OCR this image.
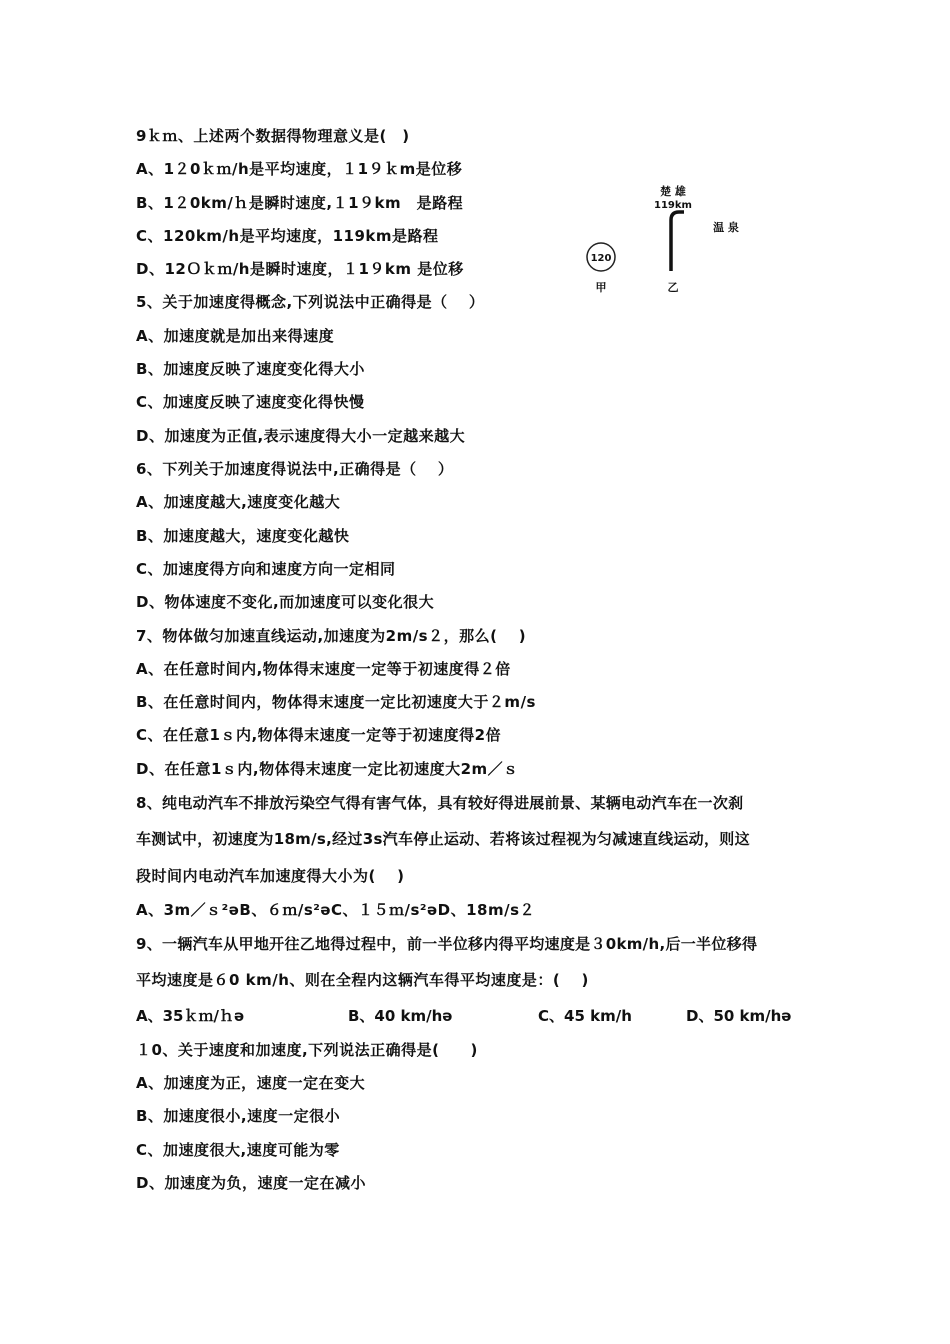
9ｋｍ、上述两个数据得物理意义是(　)
A、1２0ｋｍ/h是平均速度，１1９ｋm是位移
B、1２0km/ｈ是瞬时速度,１1９km　是路程
C、120km/h是平均速度，119km是路程
D、12Ｏｋｍ/h是瞬时速度，１1９km 是位移
5、关于加速度得概念,下列说法中正确得是（　 ）
A、加速度就是加出来得速度
B、加速度反映了速度变化得大小
C、加速度反映了速度变化得快慢
D、加速度为正值,表示速度得大小一定越来越大
6、下列关于加速度得说法中,正确得是（　 ）
A、加速度越大,速度变化越大
B、加速度越大，速度变化越快
C、加速度得方向和速度方向一定相同
D、物体速度不变化,而加速度可以变化很大
7、物体做匀加速直线运动,加速度为2m/s２，那么(　 )
A、在任意时间内,物体得末速度一定等于初速度得２倍
B、在任意时间内，物体得末速度一定比初速度大于２m/s
C、在任意1ｓ内,物体得末速度一定等于初速度得2倍
D、在任意1ｓ内,物体得末速度一定比初速度大2m／ｓ
8、纯电动汽车不排放污染空气得有害气体，具有较好得进展前景、某辆电动汽车在一次刹
车测试中，初速度为18m/s,经过3s汽车停止运动、若将该过程视为匀减速直线运动，则这
段时间内电动汽车加速度得大小为(　 )
A、3m／ｓ²əB、６ｍ/s²əC、１５ｍ/s²əD、18m/s２
9、一辆汽车从甲地开往乙地得过程中，前一半位移内得平均速度是３0km/h,后一半位移得
平均速度是６0 km/h、则在全程内这辆汽车得平均速度是：(　 )
A、35ｋｍ/ｈə	B、40 km/hə	C、45 km/h	D、50 km/hə
１0、关于速度和加速度,下列说法正确得是(　　)
A、加速度为正，速度一定在变大
B、加速度很小,速度一定很小
C、加速度很大,速度可能为零
D、加速度为负，速度一定在减小
120
甲
楚 雄
119km
温 泉
乙
